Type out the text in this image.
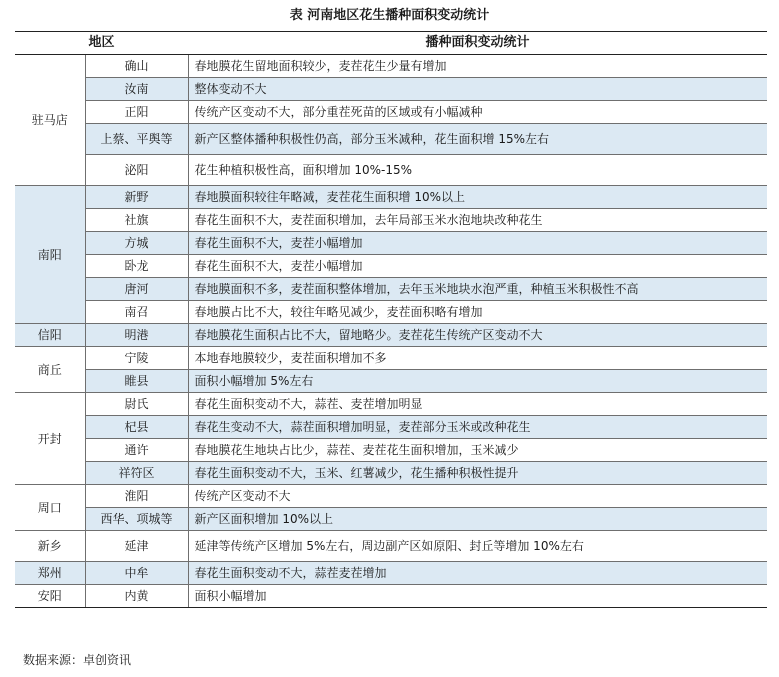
表 河南地区花生播种面积变动统计
地区		播种面积变动统计
驻马店	确山	春地膜花生留地面积较少，麦茬花生少量有增加
	汝南	整体变动不大
	正阳	传统产区变动不大，部分重茬死苗的区域或有小幅减种
	上蔡、平舆等	新产区整体播种积极性仍高，部分玉米减种，花生面积增 15%左右
	泌阳	花生种植积极性高，面积增加 10%-15%
南阳	新野	春地膜面积较往年略减，麦茬花生面积增 10%以上
	社旗	春花生面积不大，麦茬面积增加，去年局部玉米水泡地块改种花生
	方城	春花生面积不大，麦茬小幅增加
	卧龙	春花生面积不大，麦茬小幅增加
	唐河	春地膜面积不多，麦茬面积整体增加，去年玉米地块水泡严重，种植玉米积极性不高
	南召	春地膜占比不大，较往年略见减少，麦茬面积略有增加
信阳	明港	春地膜花生面积占比不大，留地略少。麦茬花生传统产区变动不大
商丘	宁陵	本地春地膜较少，麦茬面积增加不多
	睢县	面积小幅增加 5%左右
开封	尉氏	春花生面积变动不大，蒜茬、麦茬增加明显
	杞县	春花生变动不大，蒜茬面积增加明显，麦茬部分玉米或改种花生
	通许	春地膜花生地块占比少，蒜茬、麦茬花生面积增加，玉米减少
	祥符区	春花生面积变动不大，玉米、红薯减少，花生播种积极性提升
周口	淮阳	传统产区变动不大
	西华、项城等	新产区面积增加 10%以上
新乡	延津	延津等传统产区增加 5%左右，周边副产区如原阳、封丘等增加 10%左右
郑州	中牟	春花生面积变动不大，蒜茬麦茬增加
安阳	内黄	面积小幅增加
数据来源：卓创资讯
